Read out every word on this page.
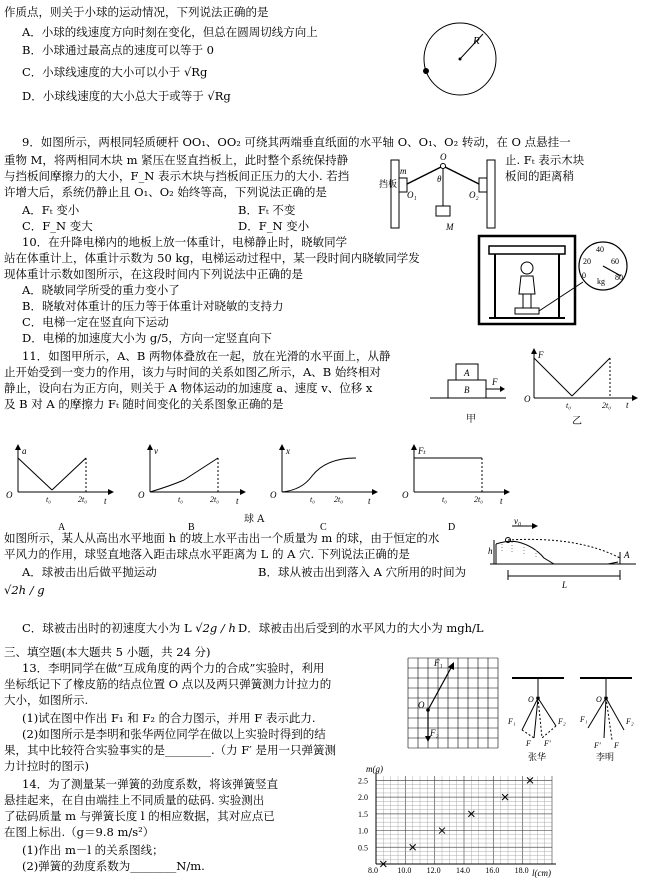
作质点，则关于小球的运动情况，下列说法正确的是
A．小球的线速度方向时刻在变化，但总在圆周切线方向上
B．小球通过最高点的速度可以等于 0
C．小球线速度的大小可以小于 √Rg
D．小球线速度的大小总大于或等于 √Rg
R
9．如图所示，两根同轻质硬杆 OO₁、OO₂ 可绕其两端垂直纸面的水平轴 O、O₁、O₂ 转动，在 O 点悬挂一
重物 M，将两相同木块 m 紧压在竖直挡板上，此时整个系统保持静	止. Fₜ 表示木块
与挡板间摩擦力的大小，F_N 表示木块与挡板间正压力的大小. 若挡	板间的距离稍
许增大后，系统仍静止且 O₁、O₂ 始终等高，下列说法正确的是
A．Fₜ 变小	B．Fₜ 不变
C．F_N 变大	D．F_N 变小
挡板
O
O₁	O₂
θ
m
M
10．在升降电梯内的地板上放一体重计，电梯静止时，晓敏同学
站在体重计上，体重计示数为 50 kg，电梯运动过程中，某一段时间内晓敏同学发
现体重计示数如图所示，在这段时间内下列说法中正确的是
A．晓敏同学所受的重力变小了
B．晓敏对体重计的压力等于体重计对晓敏的支持力
C．电梯一定在竖直向下运动
D．电梯的加速度大小为 g/5，方向一定竖直向下
40
20	60
0	80
kg
11．如图甲所示，A、B 两物体叠放在一起，放在光滑的水平面上，从静
止开始受到一变力的作用，该力与时间的关系如图乙所示，A、B 始终相对
静止，设向右为正方向，则关于 A 物体运动的加速度 a、速度 v、位移 x
及 B 对 A 的摩擦力 Fₜ 随时间变化的关系图象正确的是
A
B
F
甲
F
O
t₀	2t₀ t
乙
a
O	t₀	2t₀ t
A
v
O	t₀	2t₀ t
B
球 A
x
O	t₀ 2t₀	t
C
Fₜ
O	t₀	2t₀ t
D
如图所示，某人从高出水平地面 h 的坡上水平击出一个质量为 m 的球，由于恒定的水
平风力的作用，球竖直地落入距击球点水平距离为 L 的 A 穴. 下列说法正确的是
A．球被击出后做平抛运动	B．球从被击出到落入 A 穴所用的时间为
√2h / g
C．球被击出时的初速度大小为 L √2g / h D．球被击出后受到的水平风力的大小为 mgh/L
v₀
h	A
L
三、填空题(本大题共 5 小题，共 24 分)
13．李明同学在做“互成角度的两个力的合成”实验时，利用
坐标纸记下了橡皮筋的结点位置 O 点以及两只弹簧测力计拉力的
大小，如图所示.
(1)试在图中作出 F₁ 和 F₂ 的合力图示，并用 F 表示此力.
(2)如图所示是李明和张华两位同学在做以上实验时得到的结
果，其中比较符合实验事实的是________.（力 F′ 是用一只弹簧测
力计拉时的图示)
F₁
F₂
O
O
F₁	F₂
F F′
张华
O
F₁	F₂
F′ F
李明
14．为了测量某一弹簧的劲度系数，将该弹簧竖直
悬挂起来，在自由端挂上不同质量的砝码. 实验测出
了砝码质量 m 与弹簧长度 l 的相应数据，其对应点已
在图上标出.（g＝9.8 m/s²）
(1)作出 m－l 的关系图线；
(2)弹簧的劲度系数为________N/m.	8.0 10.0 12.0 14.0 16.0 18.0
0.5
1.0
1.5
2.0
2.5
m(g)
l(cm)
